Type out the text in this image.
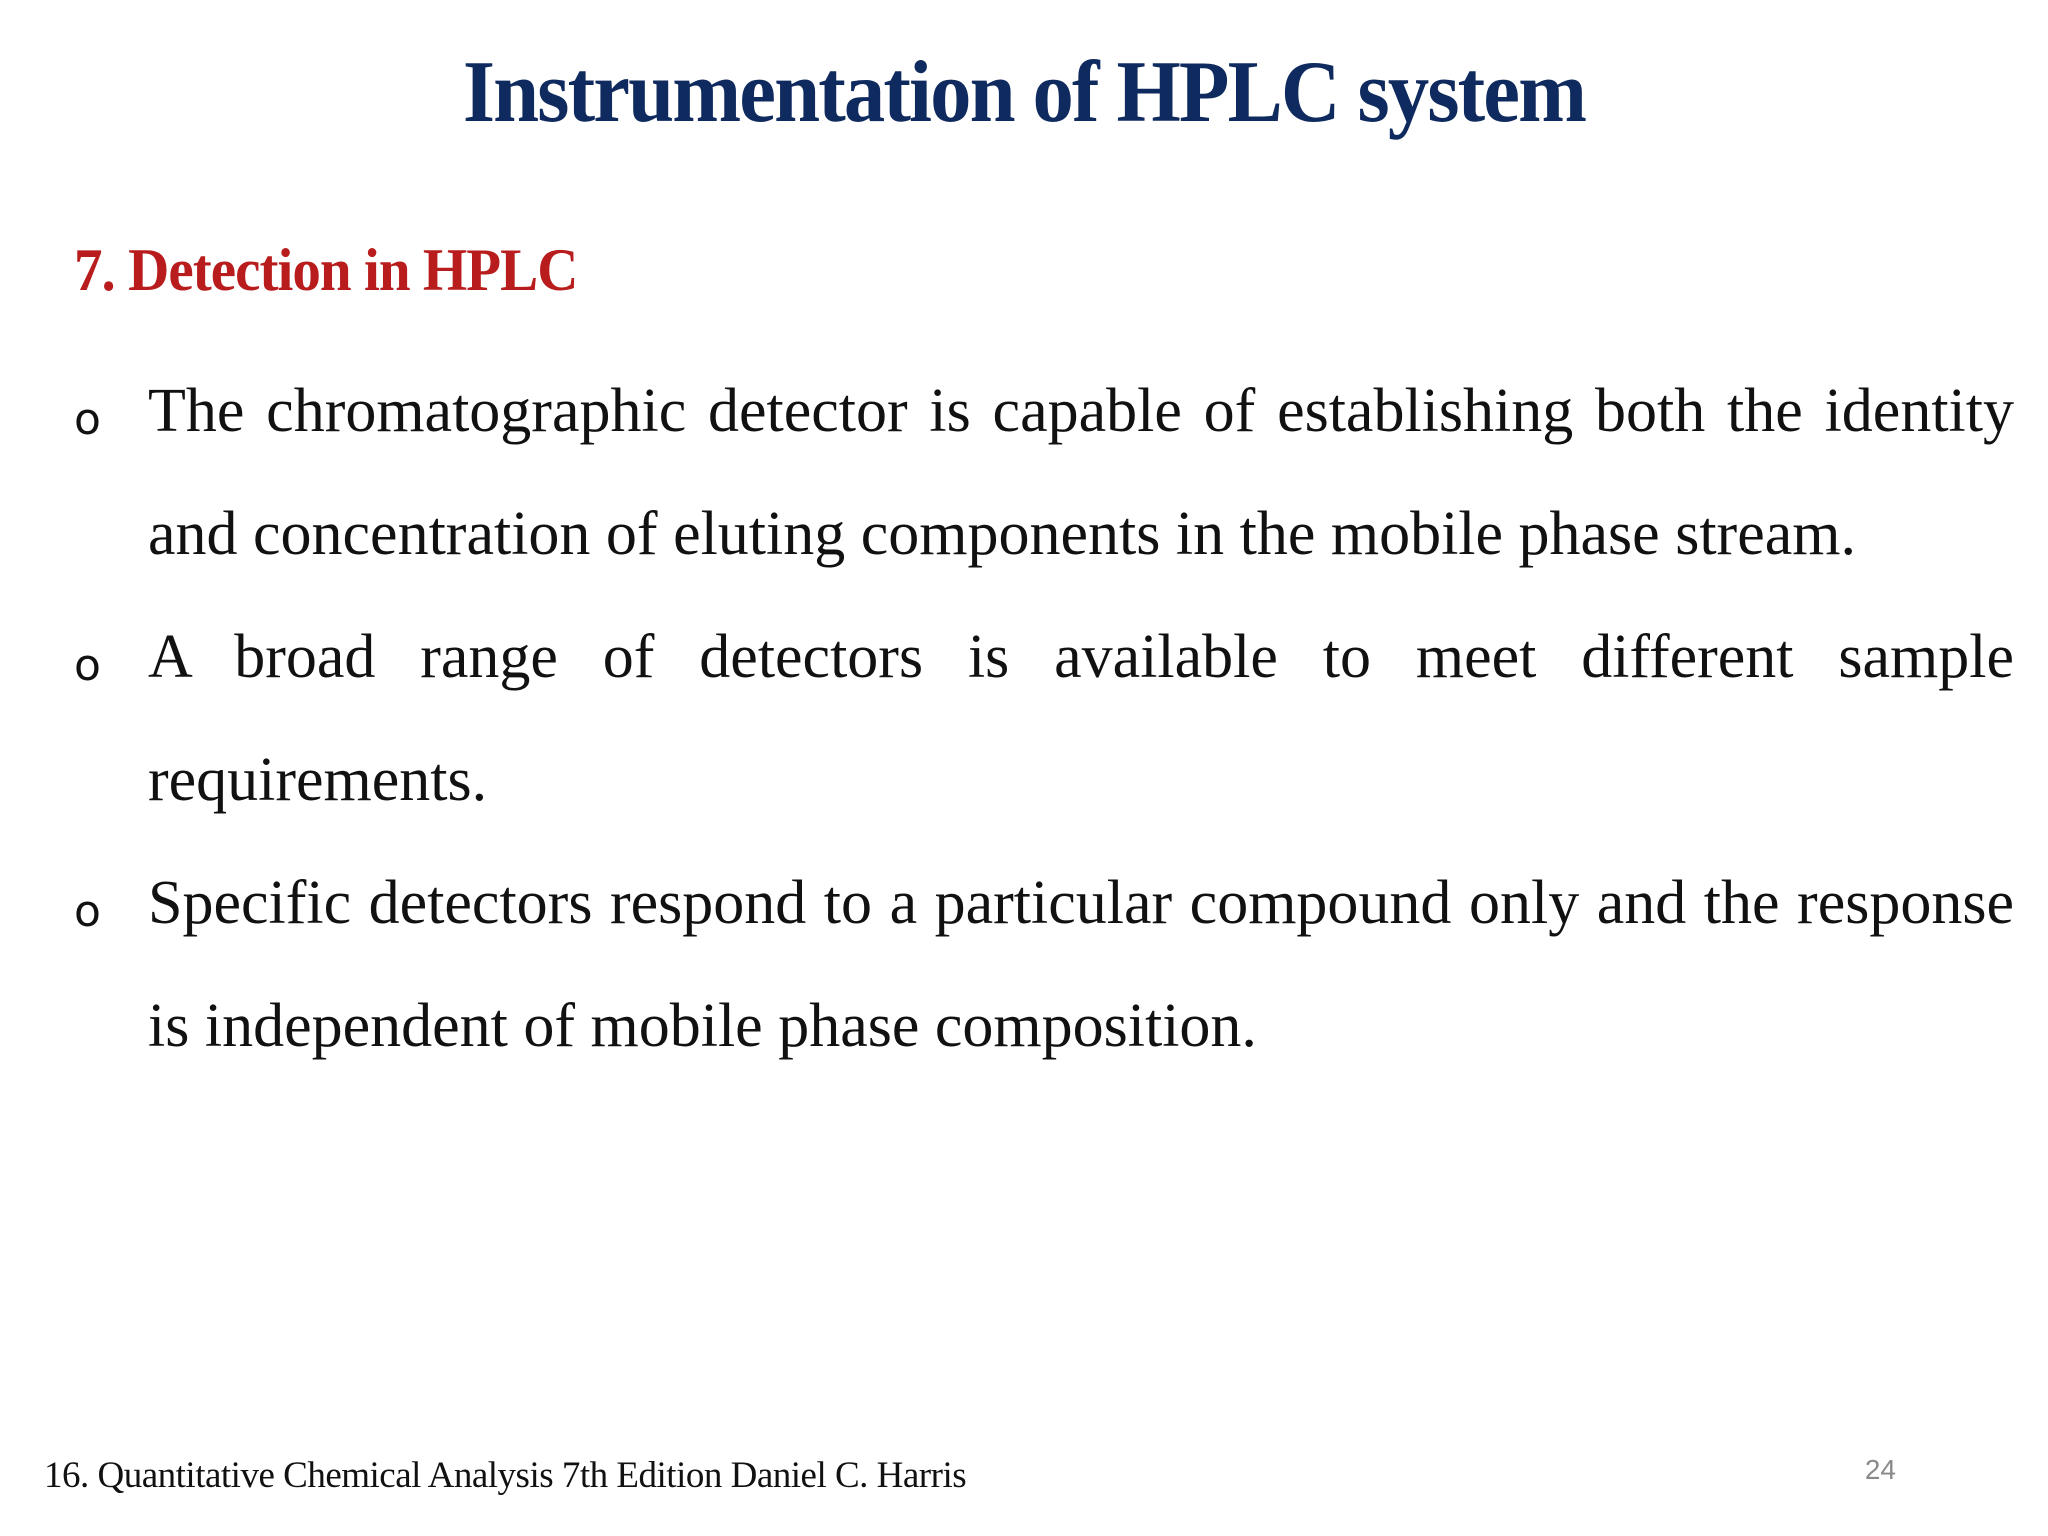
Instrumentation of HPLC system
7. Detection in HPLC
o The chromatographic detector is capable of establishing both the identity and concentration of eluting components in the mobile phase stream.
o A broad range of detectors is available to meet different sample requirements.
o Specific detectors respond to a particular compound only and the response is independent of mobile phase composition.
16. Quantitative Chemical Analysis 7th Edition Daniel C. Harris	24
